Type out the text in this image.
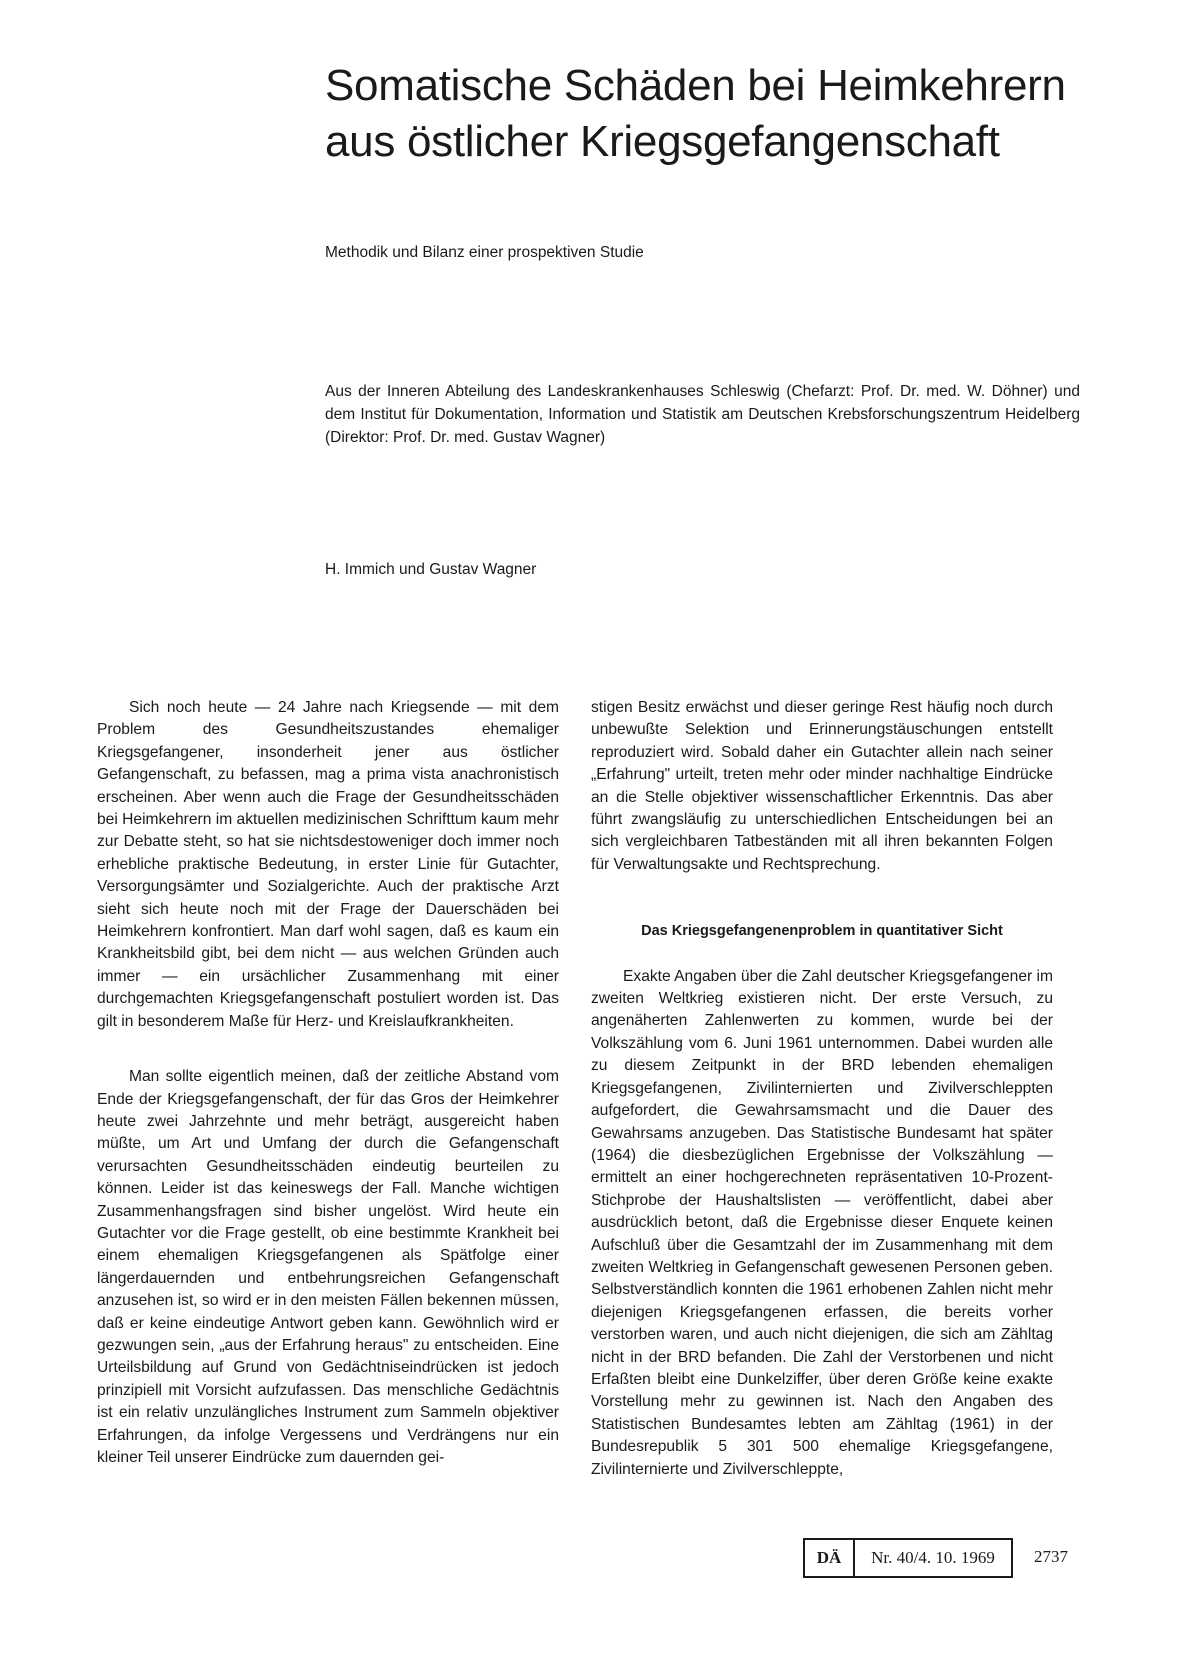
Somatische Schäden bei Heimkehrern
aus östlicher Kriegsgefangenschaft

Methodik und Bilanz einer prospektiven Studie

Aus der Inneren Abteilung des Landeskrankenhauses Schleswig (Chefarzt: Prof. Dr. med. W. Döhner) und dem Institut für Dokumentation, Information und Statistik am Deutschen Krebsforschungszentrum Heidelberg (Direktor: Prof. Dr. med. Gustav Wagner)

H. Immich und Gustav Wagner

Sich noch heute — 24 Jahre nach Kriegsende — mit dem Problem des Gesundheitszustandes ehemaliger Kriegsgefangener, insonderheit jener aus östlicher Gefangenschaft, zu befassen, mag a prima vista anachronistisch erscheinen. Aber wenn auch die Frage der Gesundheitsschäden bei Heimkehrern im aktuellen medizinischen Schrifttum kaum mehr zur Debatte steht, so hat sie nichtsdestoweniger doch immer noch erhebliche praktische Bedeutung, in erster Linie für Gutachter, Versorgungsämter und Sozialgerichte. Auch der praktische Arzt sieht sich heute noch mit der Frage der Dauerschäden bei Heimkehrern konfrontiert. Man darf wohl sagen, daß es kaum ein Krankheitsbild gibt, bei dem nicht — aus welchen Gründen auch immer — ein ursächlicher Zusammenhang mit einer durchgemachten Kriegsgefangenschaft postuliert worden ist. Das gilt in besonderem Maße für Herz- und Kreislaufkrankheiten.

Man sollte eigentlich meinen, daß der zeitliche Abstand vom Ende der Kriegsgefangenschaft, der für das Gros der Heimkehrer heute zwei Jahrzehnte und mehr beträgt, ausgereicht haben müßte, um Art und Umfang der durch die Gefangenschaft verursachten Gesundheitsschäden eindeutig beurteilen zu können. Leider ist das keineswegs der Fall. Manche wichtigen Zusammenhangsfragen sind bisher ungelöst. Wird heute ein Gutachter vor die Frage gestellt, ob eine bestimmte Krankheit bei einem ehemaligen Kriegsgefangenen als Spätfolge einer längerdauernden und entbehrungsreichen Gefangenschaft anzusehen ist, so wird er in den meisten Fällen bekennen müssen, daß er keine eindeutige Antwort geben kann. Gewöhnlich wird er gezwungen sein, „aus der Erfahrung heraus" zu entscheiden. Eine Urteilsbildung auf Grund von Gedächtniseindrücken ist jedoch prinzipiell mit Vorsicht aufzufassen. Das menschliche Gedächtnis ist ein relativ unzulängliches Instrument zum Sammeln objektiver Erfahrungen, da infolge Vergessens und Verdrängens nur ein kleiner Teil unserer Eindrücke zum dauernden gei-

stigen Besitz erwächst und dieser geringe Rest häufig noch durch unbewußte Selektion und Erinnerungstäuschungen entstellt reproduziert wird. Sobald daher ein Gutachter allein nach seiner „Erfahrung" urteilt, treten mehr oder minder nachhaltige Eindrücke an die Stelle objektiver wissenschaftlicher Erkenntnis. Das aber führt zwangsläufig zu unterschiedlichen Entscheidungen bei an sich vergleichbaren Tatbeständen mit all ihren bekannten Folgen für Verwaltungsakte und Rechtsprechung.

Das Kriegsgefangenenproblem in quantitativer Sicht

Exakte Angaben über die Zahl deutscher Kriegsgefangener im zweiten Weltkrieg existieren nicht. Der erste Versuch, zu angenäherten Zahlenwerten zu kommen, wurde bei der Volkszählung vom 6. Juni 1961 unternommen. Dabei wurden alle zu diesem Zeitpunkt in der BRD lebenden ehemaligen Kriegsgefangenen, Zivilinternierten und Zivilverschleppten aufgefordert, die Gewahrsamsmacht und die Dauer des Gewahrsams anzugeben. Das Statistische Bundesamt hat später (1964) die diesbezüglichen Ergebnisse der Volkszählung — ermittelt an einer hochgerechneten repräsentativen 10-Prozent-Stichprobe der Haushaltslisten — veröffentlicht, dabei aber ausdrücklich betont, daß die Ergebnisse dieser Enquete keinen Aufschluß über die Gesamtzahl der im Zusammenhang mit dem zweiten Weltkrieg in Gefangenschaft gewesenen Personen geben. Selbstverständlich konnten die 1961 erhobenen Zahlen nicht mehr diejenigen Kriegsgefangenen erfassen, die bereits vorher verstorben waren, und auch nicht diejenigen, die sich am Zähltag nicht in der BRD befanden. Die Zahl der Verstorbenen und nicht Erfaßten bleibt eine Dunkelziffer, über deren Größe keine exakte Vorstellung mehr zu gewinnen ist. Nach den Angaben des Statistischen Bundesamtes lebten am Zähltag (1961) in der Bundesrepublik 5 301 500 ehemalige Kriegsgefangene, Zivilinternierte und Zivilverschleppte,

DÄ	Nr. 40/4. 10. 1969	2737
